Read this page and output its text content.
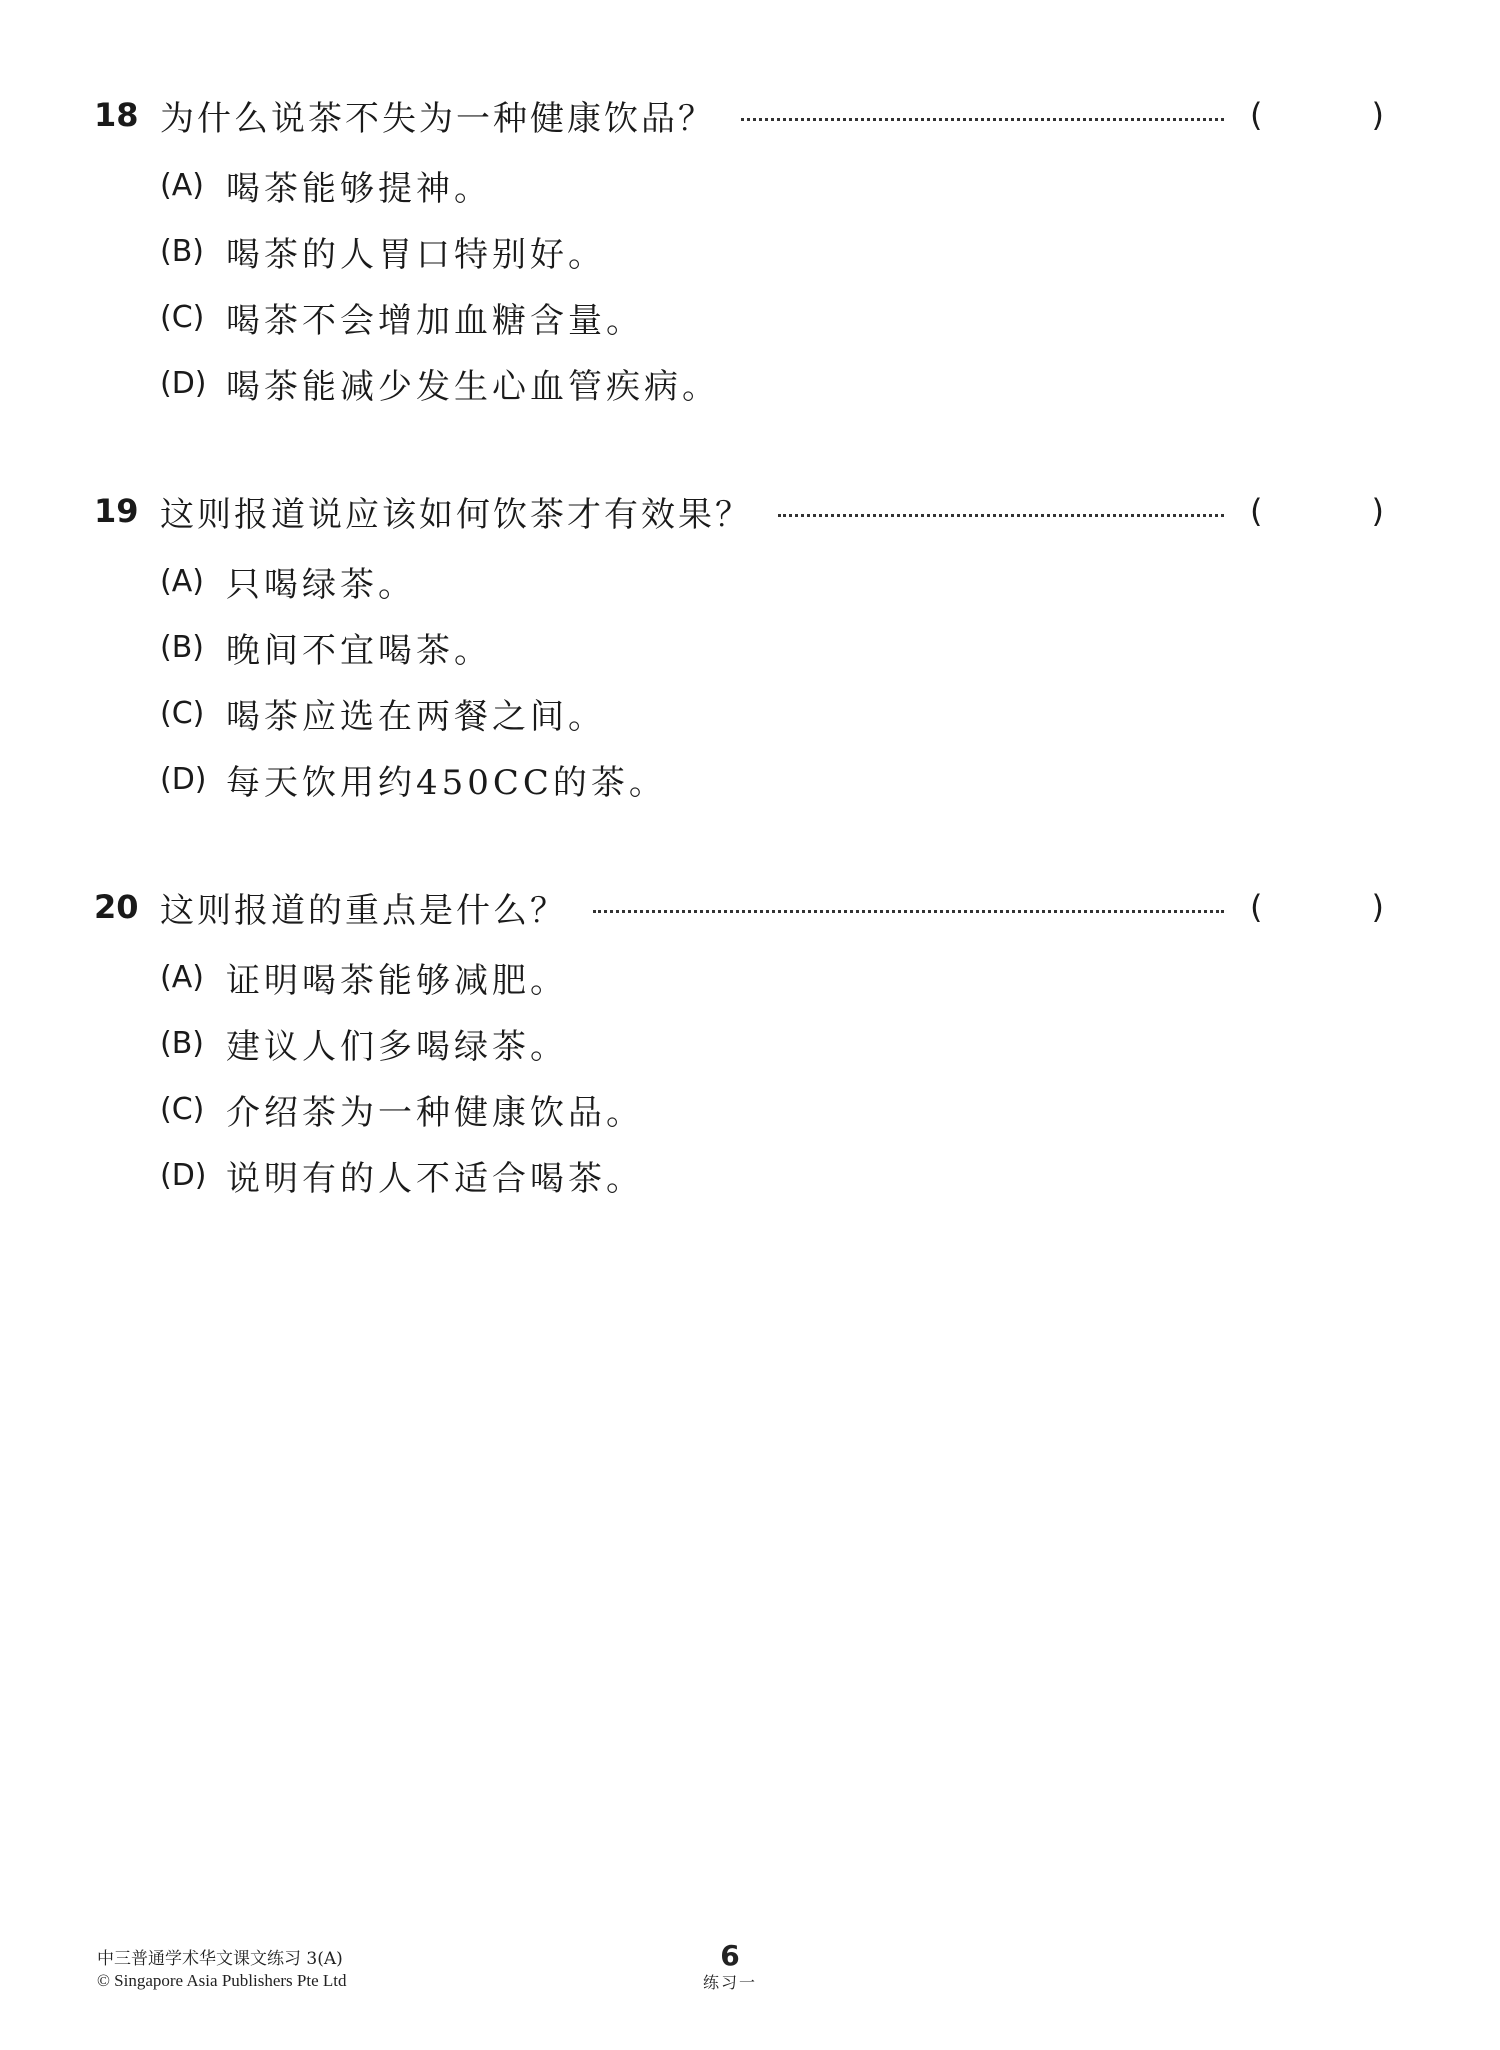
18 为什么说茶不失为一种健康饮品？	(	)
(A) 喝茶能够提神。
(B) 喝茶的人胃口特别好。
(C) 喝茶不会增加血糖含量。
(D) 喝茶能减少发生心血管疾病。
19 这则报道说应该如何饮茶才有效果？	(	)
(A) 只喝绿茶。
(B) 晚间不宜喝茶。
(C) 喝茶应选在两餐之间。
(D) 每天饮用约450CC的茶。
20 这则报道的重点是什么？	(	)
(A) 证明喝茶能够减肥。
(B) 建议人们多喝绿茶。
(C) 介绍茶为一种健康饮品。
(D) 说明有的人不适合喝茶。
中三普通学术华文课文练习 3(A)
© Singapore Asia Publishers Pte Ltd
6
练习一
